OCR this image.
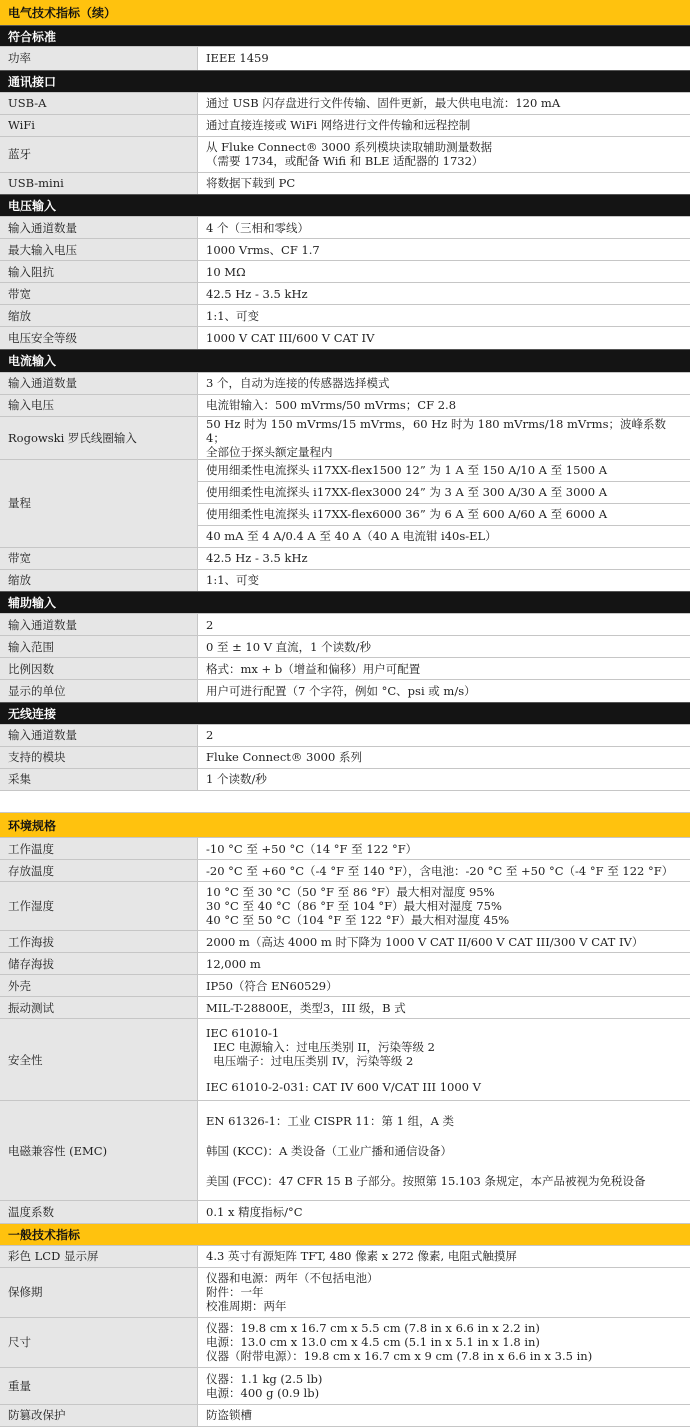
电气技术指标（续）
符合标准
功率	IEEE 1459
通讯接口
USB-A	通过 USB 闪存盘进行文件传输、固件更新，最大供电电流：120 mA
WiFi	通过直接连接或 WiFi 网络进行文件传输和远程控制
蓝牙	从 Fluke Connect® 3000 系列模块读取辅助测量数据
（需要 1734，或配备 Wifi 和 BLE 适配器的 1732）

USB-mini	将数据下载到 PC
电压输入
输入通道数量	4 个（三相和零线）
最大输入电压	1000 Vrms、CF 1.7
输入阻抗	10 MΩ
带宽	42.5 Hz - 3.5 kHz
缩放	1:1、可变
电压安全等级	1000 V CAT III/600 V CAT IV
电流输入
输入通道数量	3 个，自动为连接的传感器选择模式
输入电压	电流钳输入：500 mVrms/50 mVrms；CF 2.8
Rogowski 罗氏线圈输入	50 Hz 时为 150 mVrms/15 mVrms，60 Hz 时为 180 mVrms/18 mVrms；波峰系数 4；
全部位于探头额定量程内

量程	使用细柔性电流探头 i17XX-flex1500 12” 为 1 A 至 150 A/10 A 至 1500 A
	使用细柔性电流探头 i17XX-flex3000 24” 为 3 A 至 300 A/30 A 至 3000 A
	使用细柔性电流探头 i17XX-flex6000 36” 为 6 A 至 600 A/60 A 至 6000 A
	40 mA 至 4 A/0.4 A 至 40 A（40 A 电流钳 i40s-EL）
带宽	42.5 Hz - 3.5 kHz
缩放	1:1、可变
辅助输入
输入通道数量	2
输入范围	0 至 ± 10 V 直流，1 个读数/秒
比例因数	格式：mx + b（增益和偏移）用户可配置
显示的单位	用户可进行配置（7 个字符，例如 °C、psi 或 m/s）
无线连接
输入通道数量	2
支持的模块	Fluke Connect® 3000 系列
采集	1 个读数/秒
环境规格
工作温度	-10 °C 至 +50 °C（14 °F 至 122 °F）
存放温度	-20 °C 至 +60 °C（-4 °F 至 140 °F），含电池：-20 °C 至 +50 °C（-4 °F 至 122 °F）
工作湿度	10 °C 至 30 °C（50 °F 至 86 °F）最大相对湿度 95%
30 °C 至 40 °C（86 °F 至 104 °F）最大相对湿度 75%
40 °C 至 50 °C（104 °F 至 122 °F）最大相对湿度 45%

工作海拔	2000 m（高达 4000 m 时下降为 1000 V CAT II/600 V CAT III/300 V CAT IV）
储存海拔	12,000 m
外壳	IP50（符合 EN60529）
振动测试	MIL-T-28800E，类型3，III 级，B 式
安全性	IEC 61010-1
IEC 电源输入：过电压类别 II，污染等级 2
电压端子：过电压类别 IV，污染等级 2
IEC 61010-2-031: CAT IV 600 V/CAT III 1000 V

电磁兼容性 (EMC)	EN 61326-1：工业 CISPR 11：第 1 组，A 类
韩国 (KCC)：A 类设备（工业广播和通信设备）
美国 (FCC)：47 CFR 15 B 子部分。按照第 15.103 条规定，本产品被视为免税设备

温度系数	0.1 x 精度指标/°C
一般技术指标
彩色 LCD 显示屏	4.3 英寸有源矩阵 TFT, 480 像素 x 272 像素, 电阻式触摸屏
保修期	仪器和电源：两年（不包括电池）
附件：一年
校准周期：两年

尺寸	仪器：19.8 cm x 16.7 cm x 5.5 cm (7.8 in x 6.6 in x 2.2 in)
电源：13.0 cm x 13.0 cm x 4.5 cm (5.1 in x 5.1 in x 1.8 in)
仪器（附带电源）：19.8 cm x 16.7 cm x 9 cm (7.8 in x 6.6 in x 3.5 in)

重量	仪器：1.1 kg (2.5 lb)
电源：400 g (0.9 lb)

防篡改保护	防盗锁槽
